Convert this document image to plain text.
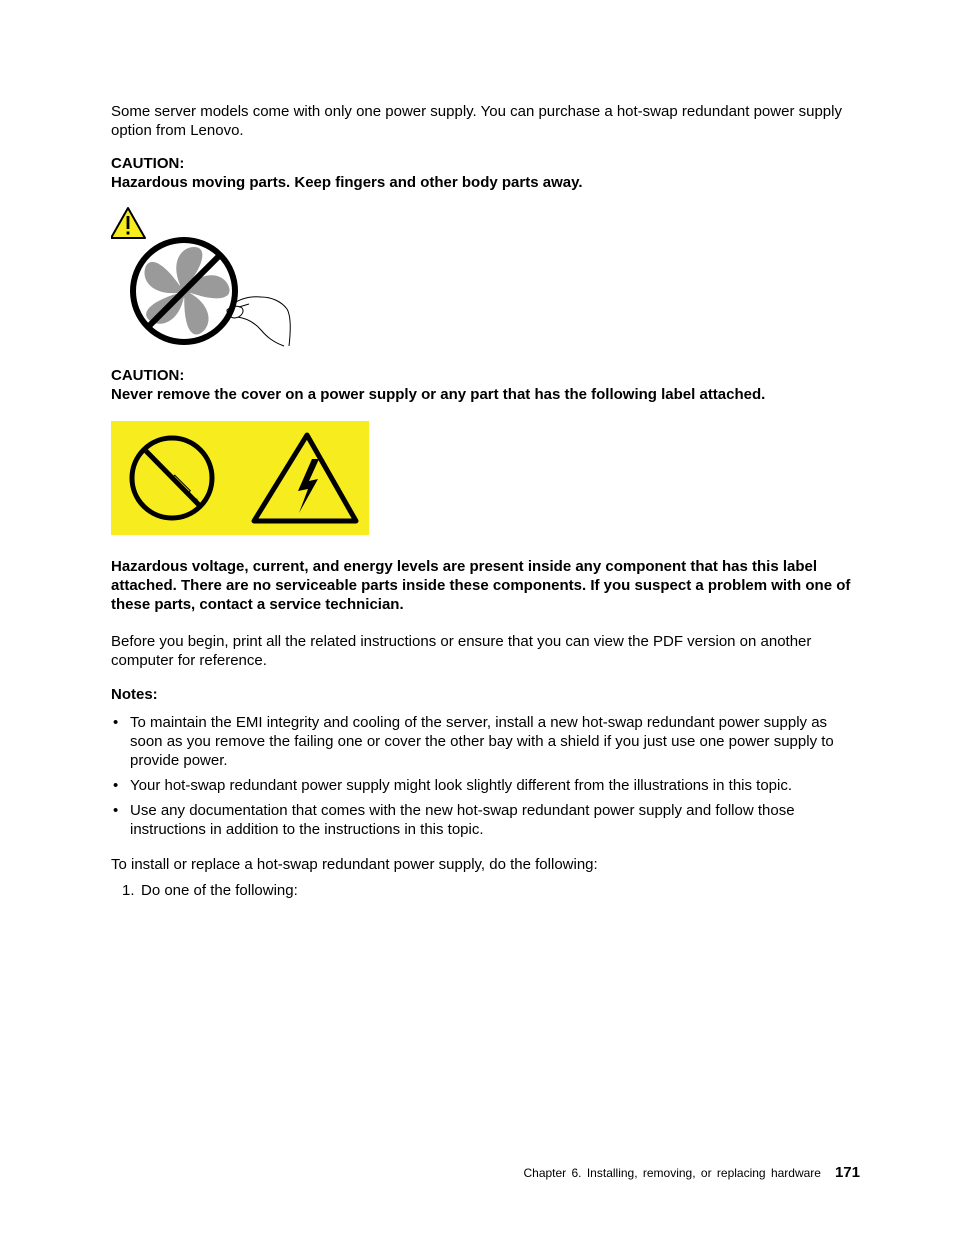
Some server models come with only one power supply. You can purchase a hot-swap redundant power supply option from Lenovo.

CAUTION:

Hazardous moving parts. Keep fingers and other body parts away.

CAUTION:

Never remove the cover on a power supply or any part that has the following label attached.

Hazardous voltage, current, and energy levels are present inside any component that has this label attached. There are no serviceable parts inside these components. If you suspect a problem with one of these parts, contact a service technician.

Before you begin, print all the related instructions or ensure that you can view the PDF version on another computer for reference.

Notes:

• To maintain the EMI integrity and cooling of the server, install a new hot-swap redundant power supply as soon as you remove the failing one or cover the other bay with a shield if you just use one power supply to provide power.
• Your hot-swap redundant power supply might look slightly different from the illustrations in this topic.
• Use any documentation that comes with the new hot-swap redundant power supply and follow those instructions in addition to the instructions in this topic.

To install or replace a hot-swap redundant power supply, do the following:

1. Do one of the following:
Chapter 6. Installing, removing, or replacing hardware 171
